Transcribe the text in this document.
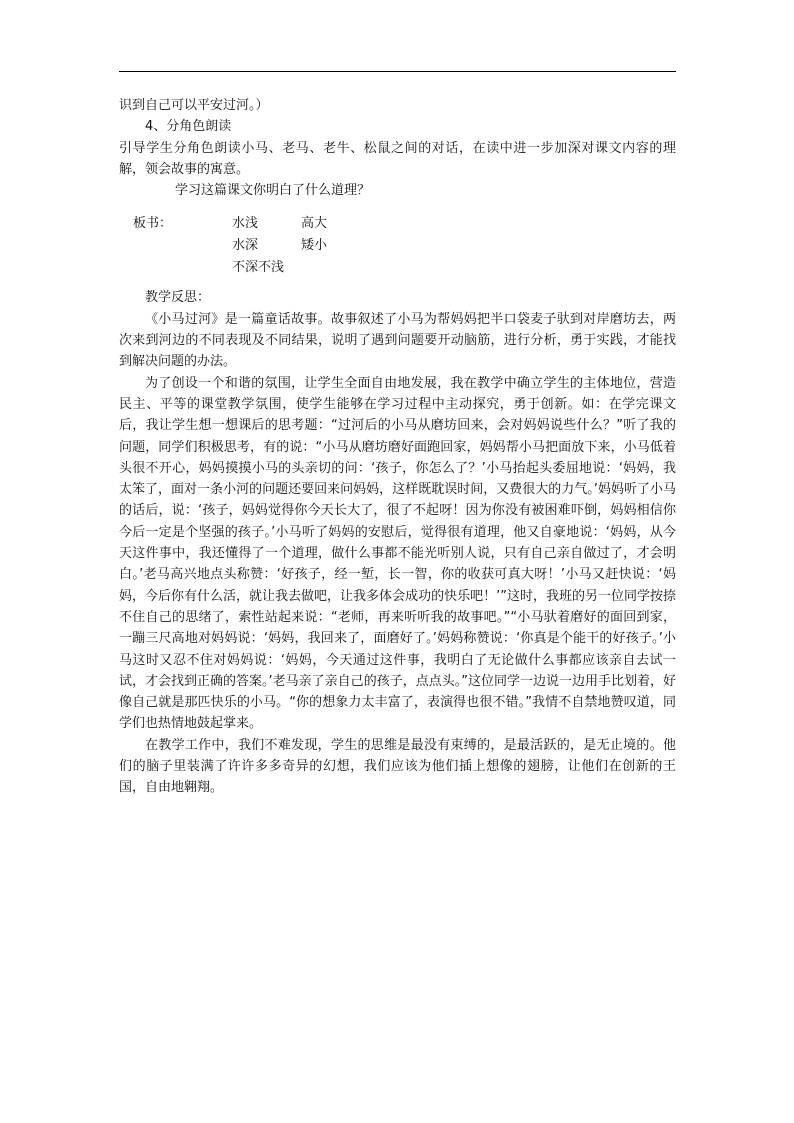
识到自己可以平安过河。）

4、分角色朗读

引导学生分角色朗读小马、老马、老牛、松鼠之间的对话，在读中进一步加深对课文内容的理解，领会故事的寓意。

学习这篇课文你明白了什么道理？

板书：	水浅
水深
不深不浅
高大
矮小

教学反思：

《小马过河》是一篇童话故事。故事叙述了小马为帮妈妈把半口袋麦子驮到对岸磨坊去，两次来到河边的不同表现及不同结果，说明了遇到问题要开动脑筋，进行分析，勇于实践，才能找到解决问题的办法。

为了创设一个和谐的氛围，让学生全面自由地发展，我在教学中确立学生的主体地位，营造民主、平等的课堂教学氛围，使学生能够在学习过程中主动探究，勇于创新。如：在学完课文后，我让学生想一想课后的思考题：“过河后的小马从磨坊回来，会对妈妈说些什么？”听了我的问题，同学们积极思考，有的说：“小马从磨坊磨好面跑回家，妈妈帮小马把面放下来，小马低着头很不开心，妈妈摸摸小马的头亲切的问：‘孩子，你怎么了？’小马抬起头委屈地说：‘妈妈，我太笨了，面对一条小河的问题还要回来问妈妈，这样既耽误时间，又费很大的力气。’妈妈听了小马的话后，说：‘孩子，妈妈觉得你今天长大了，很了不起呀！因为你没有被困难吓倒，妈妈相信你今后一定是个坚强的孩子。’小马听了妈妈的安慰后，觉得很有道理，他又自豪地说：‘妈妈，从今天这件事中，我还懂得了一个道理，做什么事都不能光听别人说，只有自己亲自做过了，才会明白。’老马高兴地点头称赞：‘好孩子，经一堑，长一智，你的收获可真大呀！’小马又赶快说：‘妈妈，今后你有什么活，就让我去做吧，让我多体会成功的快乐吧！’”这时，我班的另一位同学按捺不住自己的思绪了，索性站起来说：“老师，再来听听我的故事吧。”“小马驮着磨好的面回到家，一蹦三尺高地对妈妈说：‘妈妈，我回来了，面磨好了。’妈妈称赞说：‘你真是个能干的好孩子。’小马这时又忍不住对妈妈说：‘妈妈，今天通过这件事，我明白了无论做什么事都应该亲自去试一试，才会找到正确的答案。’老马亲了亲自己的孩子，点点头。”这位同学一边说一边用手比划着，好像自己就是那匹快乐的小马。“你的想象力太丰富了，表演得也很不错。”我情不自禁地赞叹道，同学们也热情地鼓起掌来。

在教学工作中，我们不难发现，学生的思维是最没有束缚的，是最活跃的，是无止境的。他们的脑子里装满了许许多多奇异的幻想，我们应该为他们插上想像的翅膀，让他们在创新的王国，自由地翱翔。
